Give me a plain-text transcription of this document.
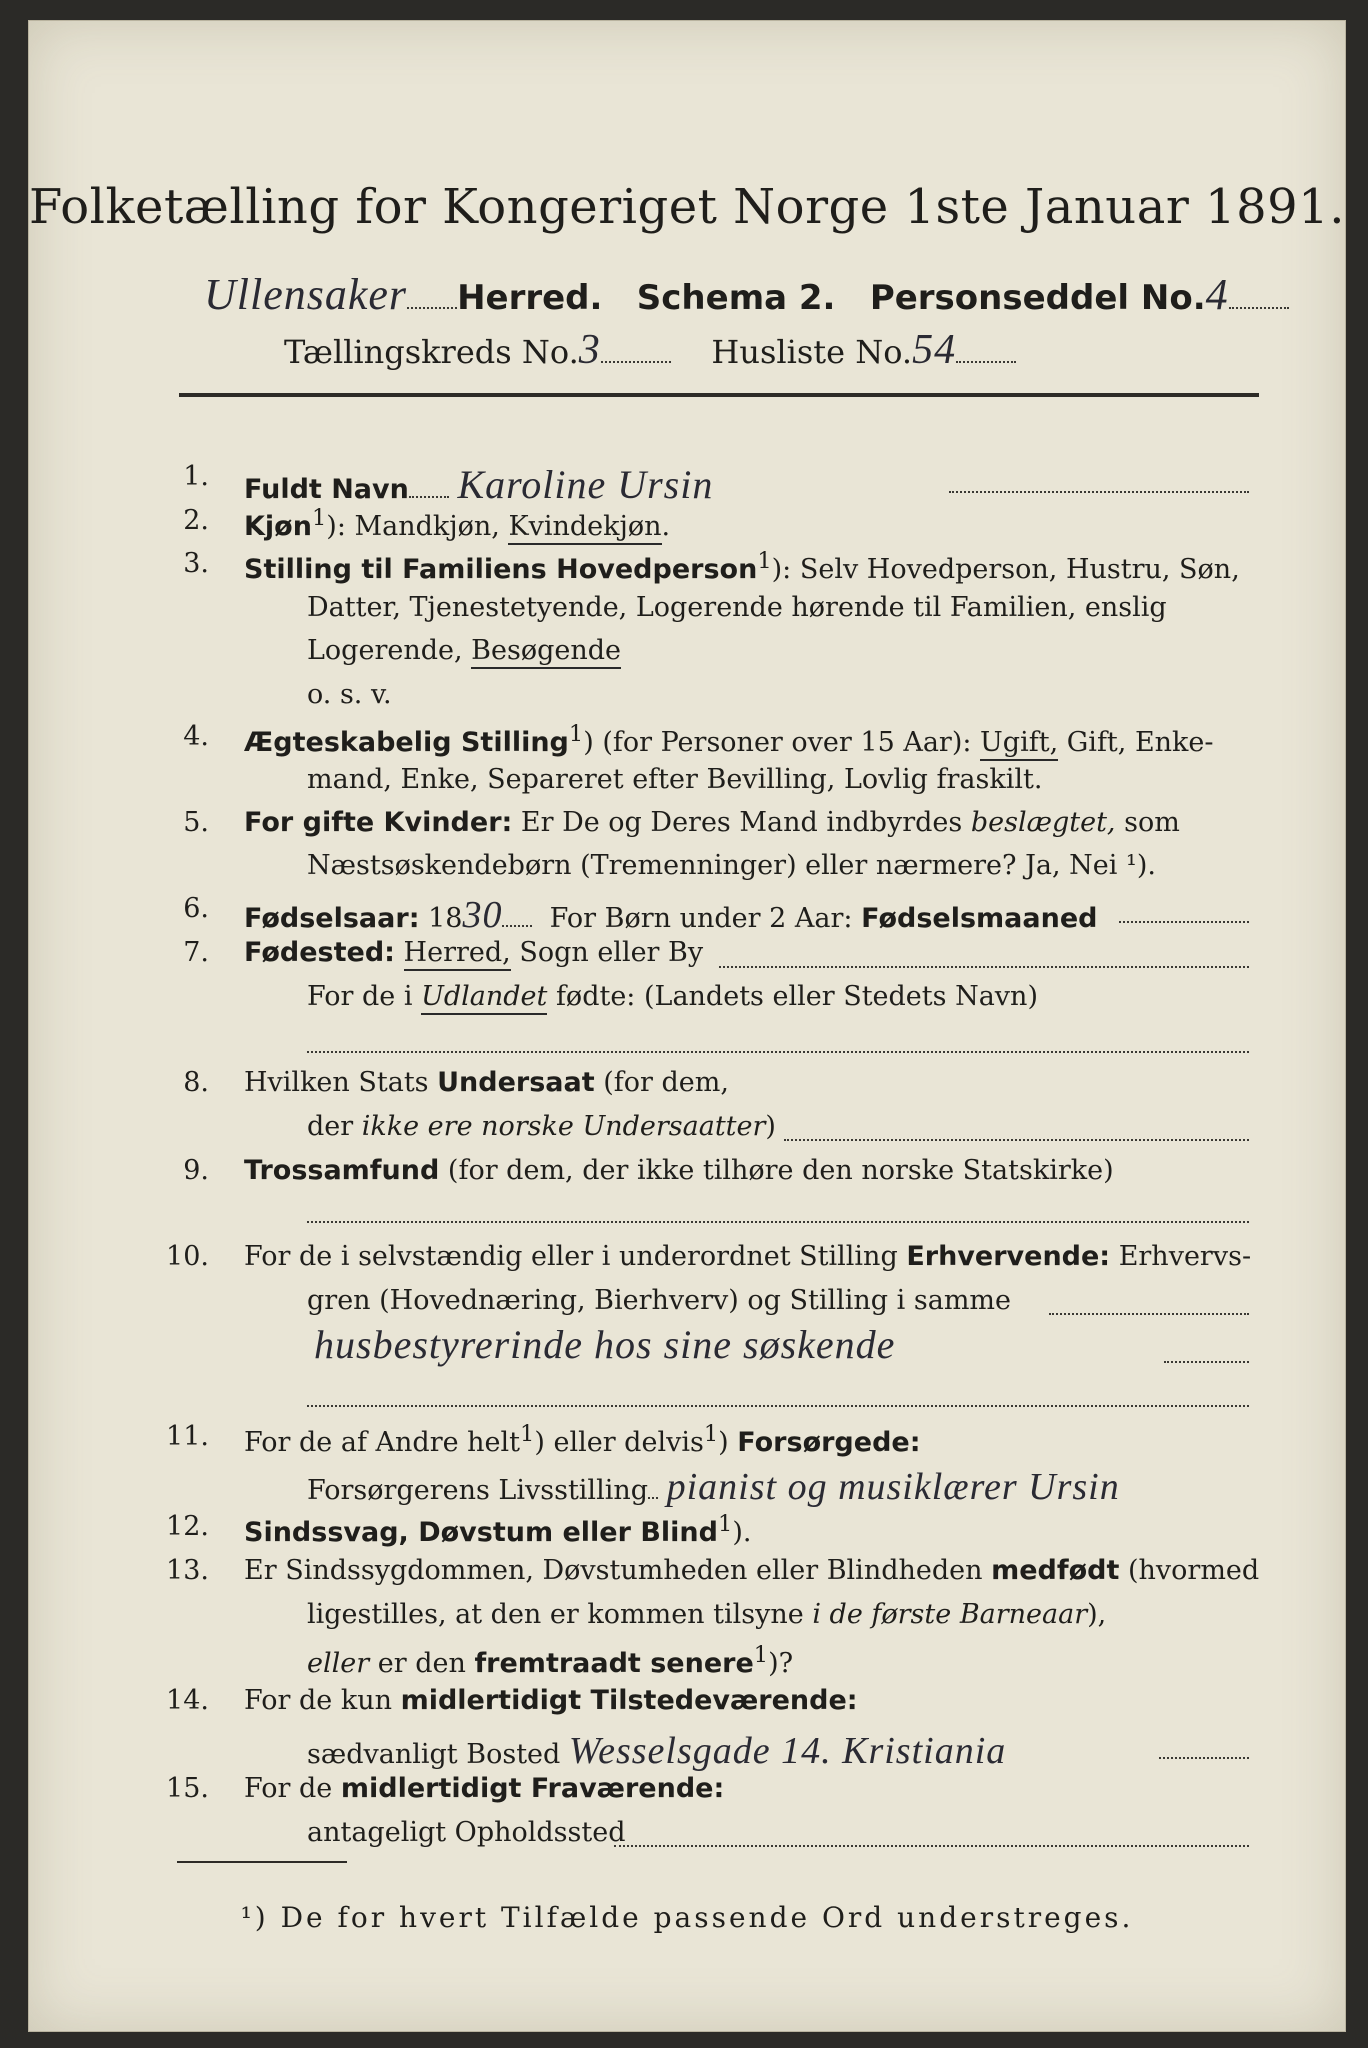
Folketælling for Kongeriget Norge 1ste Januar 1891.
Ullensaker Herred. Schema 2. Personseddel No.4
Tællingskreds No.3	Husliste No.54
1. Fuldt Navn Karoline Ursin
2. Kjøn$^1$): Mandkjøn, Kvindekjøn.
3. Stilling til Familiens Hovedperson$^1$): Selv Hovedperson, Hustru, Søn,
Datter, Tjenestetyende, Logerende hørende til Familien, enslig
Logerende, Besøgende
o. s. v.
4. Ægteskabelig Stilling$^1$) (for Personer over 15 Aar): Ugift, Gift, Enke-
mand, Enke, Separeret efter Bevilling, Lovlig fraskilt.
5. For gifte Kvinder: Er De og Deres Mand indbyrdes beslægtet, som
Næstsøskendebørn (Tremenninger) eller nærmere? Ja, Nei ¹).
6. Fødselsaar: 1830 For Børn under 2 Aar: Fødselsmaaned
7. Fødested: Herred, Sogn eller By
For de i Udlandet fødte: (Landets eller Stedets Navn)
8. Hvilken Stats Undersaat (for dem,
der ikke ere norske Undersaatter)
9. Trossamfund (for dem, der ikke tilhøre den norske Statskirke)
10. For de i selvstændig eller i underordnet Stilling Erhvervende: Erhvervs-
gren (Hovednæring, Bierhverv) og Stilling i samme
husbestyrerinde hos sine søskende
11. For de af Andre helt$^1$) eller delvis$^1$) Forsørgede:
Forsørgerens Livsstilling pianist og musiklærer Ursin
12. Sindssvag, Døvstum eller Blind$^1$).
13. Er Sindssygdommen, Døvstumheden eller Blindheden medfødt (hvormed
ligestilles, at den er kommen tilsyne i de første Barneaar),
eller er den fremtraadt senere$^1$)?
14. For de kun midlertidigt Tilstedeværende:
sædvanligt Bosted Wesselsgade 14. Kristiania
15. For de midlertidigt Fraværende:
antageligt Opholdssted
¹) De for hvert Tilfælde passende Ord understreges.
